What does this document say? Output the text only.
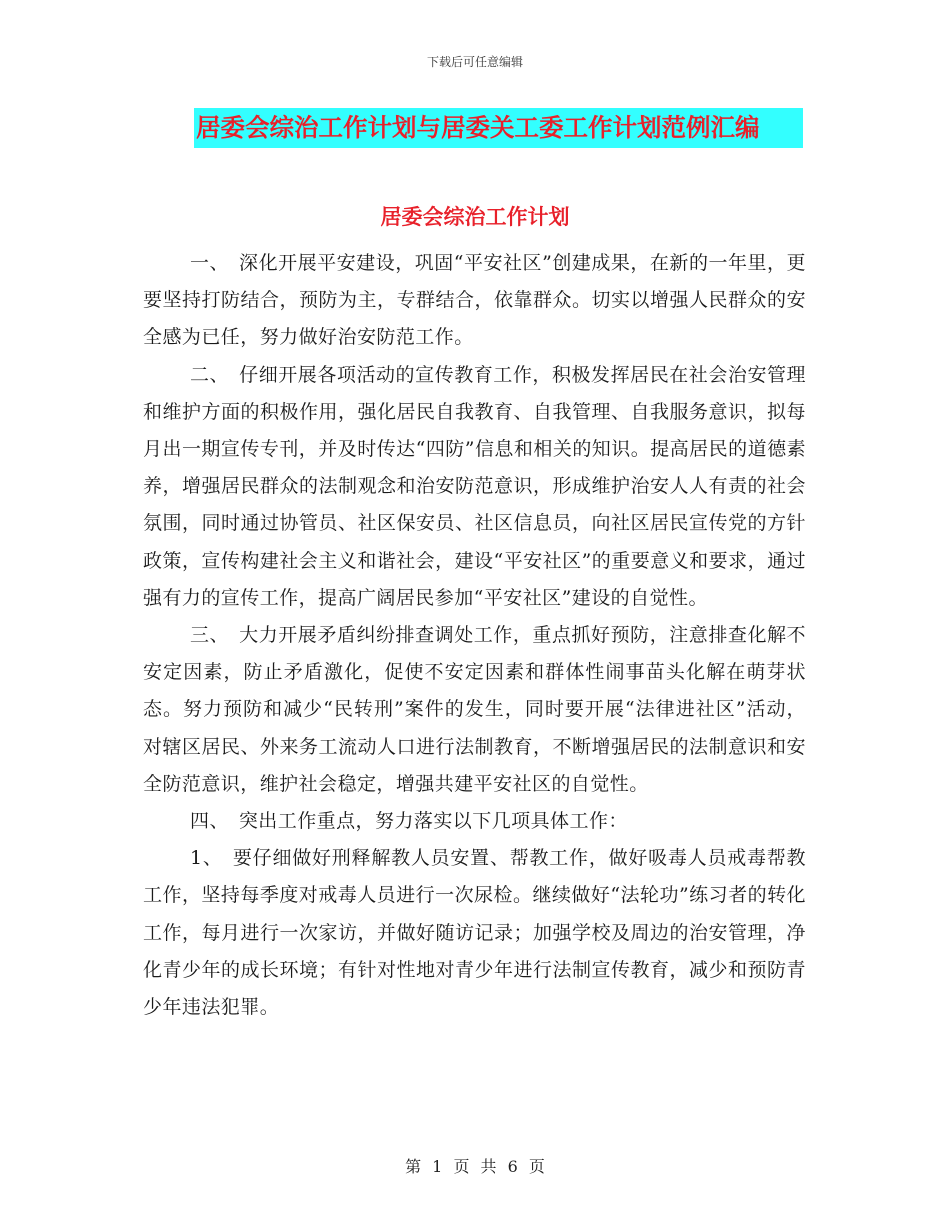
下载后可任意编辑
居委会综治工作计划与居委关工委工作计划范例汇编
居委会综治工作计划

一、　深化开展平安建设，巩固“平安社区”创建成果，在新的一年里，更要坚持打防结合，预防为主，专群结合，依靠群众。切实以增强人民群众的安全感为已任，努力做好治安防范工作。

二、　仔细开展各项活动的宣传教育工作，积极发挥居民在社会治安管理和维护方面的积极作用，强化居民自我教育、自我管理、自我服务意识，拟每月出一期宣传专刊，并及时传达“四防”信息和相关的知识。提高居民的道德素养，增强居民群众的法制观念和治安防范意识，形成维护治安人人有责的社会氛围，同时通过协管员、社区保安员、社区信息员，向社区居民宣传党的方针政策，宣传构建社会主义和谐社会，建设“平安社区”的重要意义和要求，通过强有力的宣传工作，提高广阔居民参加“平安社区”建设的自觉性。

三、　大力开展矛盾纠纷排查调处工作，重点抓好预防，注意排查化解不安定因素，防止矛盾激化，促使不安定因素和群体性闹事苗头化解在萌芽状态。努力预防和减少“民转刑”案件的发生，同时要开展“法律进社区”活动，对辖区居民、外来务工流动人口进行法制教育，不断增强居民的法制意识和安全防范意识，维护社会稳定，增强共建平安社区的自觉性。

四、　突出工作重点，努力落实以下几项具体工作：

1、　要仔细做好刑释解教人员安置、帮教工作，做好吸毒人员戒毒帮教工作，坚持每季度对戒毒人员进行一次尿检。继续做好“法轮功”练习者的转化工作，每月进行一次家访，并做好随访记录；加强学校及周边的治安管理，净化青少年的成长环境；有针对性地对青少年进行法制宣传教育，减少和预防青少年违法犯罪。

第 1 页 共 6 页
